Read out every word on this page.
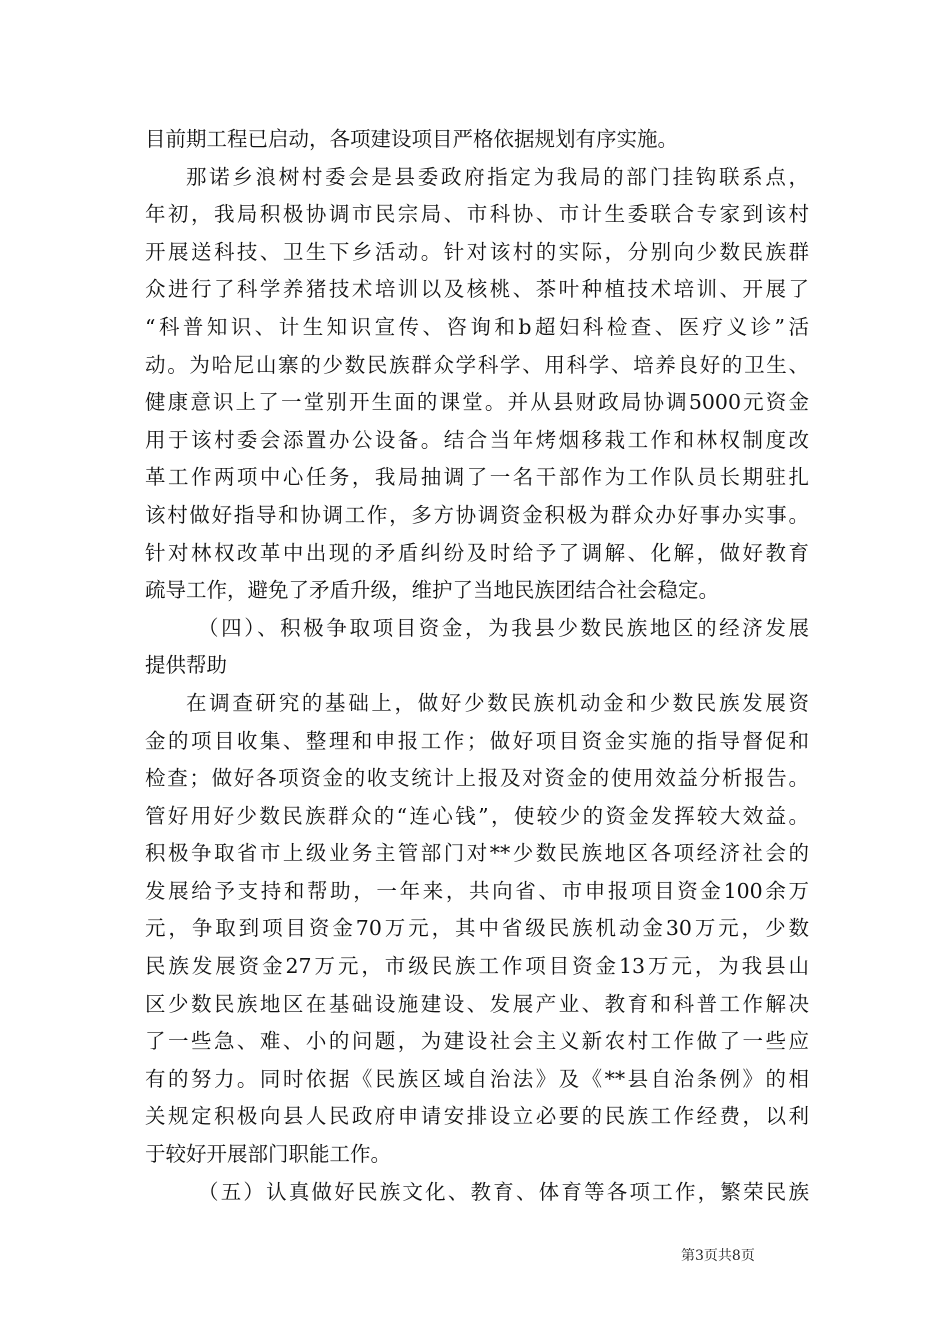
目前期工程已启动，各项建设项目严格依据规划有序实施。
那诺乡浪树村委会是县委政府指定为我局的部门挂钩联系点，
年初，我局积极协调市民宗局、市科协、市计生委联合专家到该村
开展送科技、卫生下乡活动。针对该村的实际，分别向少数民族群
众进行了科学养猪技术培训以及核桃、茶叶种植技术培训、开展了
“科普知识、计生知识宣传、咨询和b超妇科检查、医疗义诊”活
动。为哈尼山寨的少数民族群众学科学、用科学、培养良好的卫生、
健康意识上了一堂别开生面的课堂。并从县财政局协调5000元资金
用于该村委会添置办公设备。结合当年烤烟移栽工作和林权制度改
革工作两项中心任务，我局抽调了一名干部作为工作队员长期驻扎
该村做好指导和协调工作，多方协调资金积极为群众办好事办实事。
针对林权改革中出现的矛盾纠纷及时给予了调解、化解，做好教育
疏导工作，避免了矛盾升级，维护了当地民族团结合社会稳定。
（四）、积极争取项目资金，为我县少数民族地区的经济发展
提供帮助
在调查研究的基础上，做好少数民族机动金和少数民族发展资
金的项目收集、整理和申报工作；做好项目资金实施的指导督促和
检查；做好各项资金的收支统计上报及对资金的使用效益分析报告。
管好用好少数民族群众的“连心钱”，使较少的资金发挥较大效益。
积极争取省市上级业务主管部门对**少数民族地区各项经济社会的
发展给予支持和帮助，一年来，共向省、市申报项目资金100余万
元，争取到项目资金70万元，其中省级民族机动金30万元，少数
民族发展资金27万元，市级民族工作项目资金13万元，为我县山
区少数民族地区在基础设施建设、发展产业、教育和科普工作解决
了一些急、难、小的问题，为建设社会主义新农村工作做了一些应
有的努力。同时依据《民族区域自治法》及《**县自治条例》的相
关规定积极向县人民政府申请安排设立必要的民族工作经费，以利
于较好开展部门职能工作。
（五）认真做好民族文化、教育、体育等各项工作，繁荣民族
第3页共8页
